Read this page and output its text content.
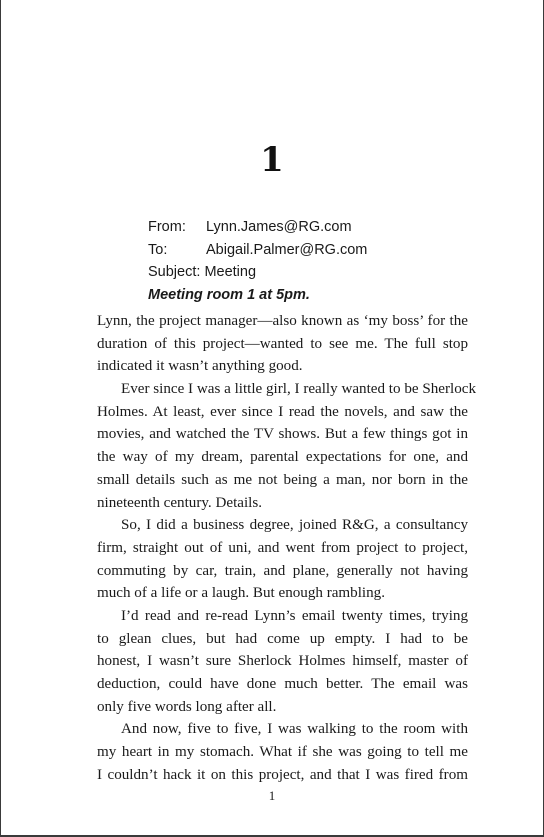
1
From: Lynn.James@RG.com
To:	Abigail.Palmer@RG.com
Subject: Meeting
Meeting room 1 at 5pm.
Lynn, the project manager—also known as ‘my boss’ for the
duration of this project—wanted to see me. The full stop
indicated it wasn’t anything good.
Ever since I was a little girl, I really wanted to be Sherlock
Holmes. At least, ever since I read the novels, and saw the
movies, and watched the TV shows. But a few things got in
the way of my dream, parental expectations for one, and
small details such as me not being a man, nor born in the
nineteenth century. Details.
So, I did a business degree, joined R&G, a consultancy
firm, straight out of uni, and went from project to project,
commuting by car, train, and plane, generally not having
much of a life or a laugh. But enough rambling.
I’d read and re-read Lynn’s email twenty times, trying
to glean clues, but had come up empty. I had to be
honest, I wasn’t sure Sherlock Holmes himself, master of
deduction, could have done much better. The email was
only five words long after all.
And now, five to five, I was walking to the room with
my heart in my stomach. What if she was going to tell me
I couldn’t hack it on this project, and that I was fired from
1
